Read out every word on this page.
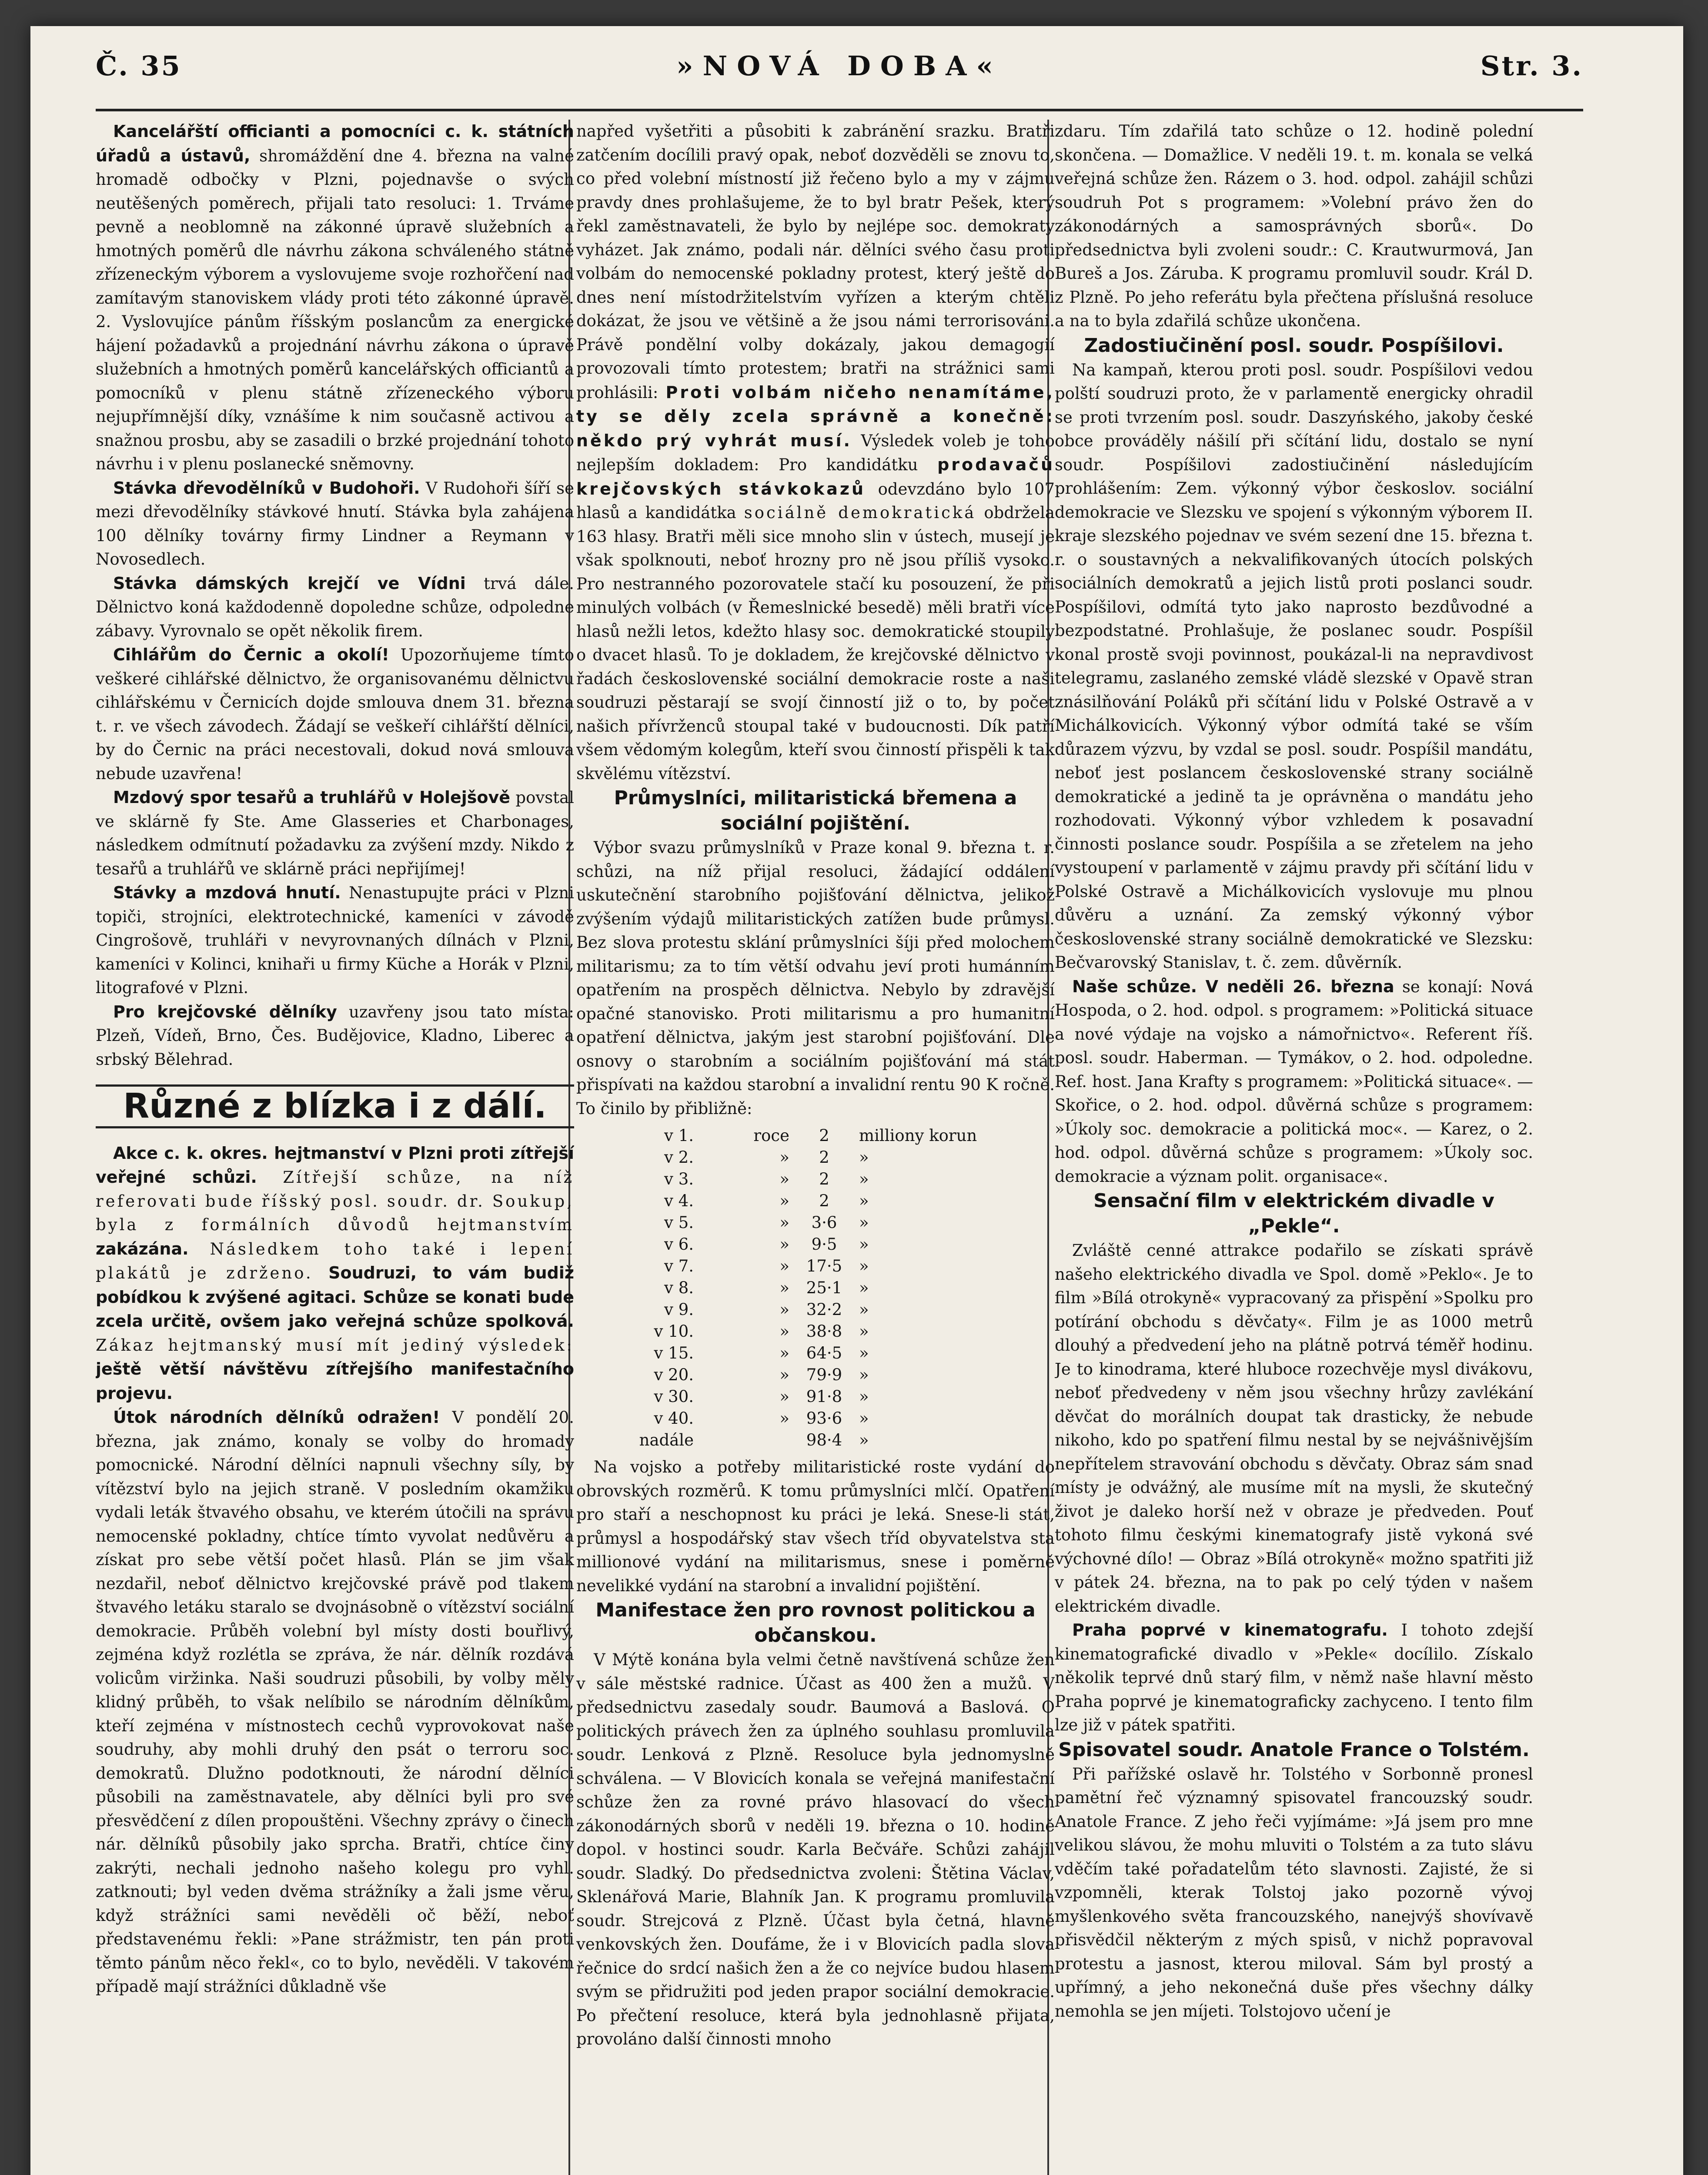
Č. 35	»NOVÁ DOBA«	Str. 3.

Kancelářští officianti a pomocníci c. k. státních úřadů a ústavů, shromáždění dne 4. března na valné hromadě odbočky v Plzni, pojednavše o svých neutěšených poměrech, přijali tato resoluci: 1. Trváme pevně a neoblomně na zákonné úpravě služebních a hmotných poměrů dle návrhu zákona schváleného státně zřízeneckým výborem a vyslovujeme svoje rozhořčení nad zamítavým stanoviskem vlády proti této zákonné úpravě. 2. Vyslovujíce pánům říšským poslancům za energické hájení požadavků a projednání návrhu zákona o úpravě služebních a hmotných poměrů kancelářských officiantů a pomocníků v plenu státně zřízeneckého výboru nejupřímnější díky, vznášíme k nim současně activou a snažnou prosbu, aby se zasadili o brzké projednání tohoto návrhu i v plenu poslanecké sněmovny.

Stávka dřevodělníků v Budohoři. V Rudohoři šíří se mezi dřevodělníky stávkové hnutí. Stávka byla zahájena 100 dělníky továrny firmy Lindner a Reymann v Novosedlech.

Stávka dámských krejčí ve Vídni trvá dále. Dělnictvo koná každodenně dopoledne schůze, odpoledne zábavy. Vyrovnalo se opět několik firem.

Cihlářům do Černic a okolí! Upozorňujeme tímto veškeré cihlářské dělnictvo, že organisovanému dělnictvu cihlářskému v Černicích dojde smlouva dnem 31. března t. r. ve všech závodech. Žádají se veškeří cihlářští dělníci, by do Černic na práci necestovali, dokud nová smlouva nebude uzavřena!

Mzdový spor tesařů a truhlářů v Holejšově povstal ve sklárně fy Ste. Ame Glasseries et Charbonages, následkem odmítnutí požadavku za zvýšení mzdy. Nikdo z tesařů a truhlářů ve sklárně práci nepřijímej!

Stávky a mzdová hnutí. Nenastupujte práci v Plzni topiči, strojníci, elektrotechnické, kameníci v závodě Cingrošově, truhláři v nevyrovnaných dílnách v Plzni, kameníci v Kolinci, knihaři u firmy Küche a Horák v Plzni, litografové v Plzni.

Pro krejčovské dělníky uzavřeny jsou tato místa: Plzeň, Vídeň, Brno, Čes. Budějovice, Kladno, Liberec a srbský Bělehrad.

Různé z blízka i z dálí.

Akce c. k. okres. hejtmanství v Plzni proti zítřejší veřejné schůzi. Zítřejší schůze, na níž referovati bude říšský posl. soudr. dr. Soukup, byla z formálních důvodů hejtmanstvím zakázána. Následkem toho také i lepení plakátů je zdrženo. Soudruzi, to vám budiž pobídkou k zvýšené agitaci. Schůze se konati bude zcela určitě, ovšem jako veřejná schůze spolková. Zákaz hejtmanský musí mít jediný výsledek: ještě větší návštěvu zítřejšího manifestačního projevu.

Útok národních dělníků odražen! V pondělí 20. března, jak známo, konaly se volby do hromady pomocnické. Národní dělníci napnuli všechny síly, by vítězství bylo na jejich straně. V posledním okamžiku vydali leták štvavého obsahu, ve kterém útočili na správu nemocenské pokladny, chtíce tímto vyvolat nedůvěru a získat pro sebe větší počet hlasů. Plán se jim však nezdařil, neboť dělnictvo krejčovské právě pod tlakem štvavého letáku staralo se dvojnásobně o vítězství sociální demokracie. Průběh volební byl místy dosti bouřlivý, zejména když rozlétla se zpráva, že nár. dělník rozdává volicům viržinka. Naši soudruzi působili, by volby měly klidný průběh, to však nelíbilo se národním dělníkům, kteří zejména v místnostech cechů vyprovokovat naše soudruhy, aby mohli druhý den psát o terroru soc. demokratů. Dlužno podotknouti, že národní dělníci působili na zaměstnavatele, aby dělníci byli pro své přesvědčení z dílen propouštěni. Všechny zprávy o činech nár. dělníků působily jako sprcha. Bratři, chtíce činy zakrýti, nechali jednoho našeho kolegu pro vyhl. zatknouti; byl veden dvěma strážníky a žali jsme věru, když strážníci sami nevěděli oč běží, neboť představenému řekli: »Pane strážmistr, ten pán proti těmto pánům něco řekl«, co to bylo, nevěděli. V takovém případě mají strážníci důkladně vše

napřed vyšetřiti a působiti k zabránění srazku. Bratři zatčením docílili pravý opak, neboť dozvěděli se znovu to, co před volební místností již řečeno bylo a my v zájmu pravdy dnes prohlašujeme, že to byl bratr Pešek, který řekl zaměstnavateli, že bylo by nejlépe soc. demokraty vyházet. Jak známo, podali nár. dělníci svého času proti volbám do nemocenské pokladny protest, který ještě do dnes není místodržitelstvím vyřízen a kterým chtěli dokázat, že jsou ve většině a že jsou námi terrorisováni. Právě pondělní volby dokázaly, jakou demagogií provozovali tímto protestem; bratři na strážnici sami prohlásili: Proti volbám ničeho nenamítáme, ty se děly zcela správně a konečně: někdo prý vyhrát musí. Výsledek voleb je toho nejlepším dokladem: Pro kandidátku prodavačů krejčovských stávkokazů odevzdáno bylo 107 hlasů a kandidátka sociálně demokratická obdržela 163 hlasy. Bratři měli sice mnoho slin v ústech, musejí je však spolknouti, neboť hrozny pro ně jsou příliš vysoko. Pro nestranného pozorovatele stačí ku posouzení, že při minulých volbách (v Řemeslnické besedě) měli bratři více hlasů nežli letos, kdežto hlasy soc. demokratické stoupily o dvacet hlasů. To je dokladem, že krejčovské dělnictvo v řadách československé sociální demokracie roste a naši soudruzi pěstarají se svojí činností již o to, by počet našich přívrženců stoupal také v budoucnosti. Dík patří všem vědomým kolegům, kteří svou činností přispěli k tak skvělému vítězství.

Průmyslníci, militaristická břemena a sociální pojištění.

Výbor svazu průmyslníků v Praze konal 9. března t. r. schůzi, na níž přijal resoluci, žádající oddálení uskutečnění starobního pojišťování dělnictva, jelikož zvýšením výdajů militaristických zatížen bude průmysl. Bez slova protestu sklání průmyslníci šíji před molochem militarismu; za to tím větší odvahu jeví proti humánním opatřením na prospěch dělnictva. Nebylo by zdravější opačné stanovisko. Proti militarismu a pro humanitní opatření dělnictva, jakým jest starobní pojišťování. Dle osnovy o starobním a sociálním pojišťování má stát přispívati na každou starobní a invalidní rentu 90 K ročně. To činilo by přibližně:

v 1.	roce	2	milliony korun
v 2.	»	2	»
v 3.	»	2	»
v 4.	»	2	»
v 5.	»	3·6	»
v 6.	»	9·5	»
v 7.	»	17·5	»
v 8.	»	25·1	»
v 9.	»	32·2	»
v 10.	»	38·8	»
v 15.	»	64·5	»
v 20.	»	79·9	»
v 30.	»	91·8	»
v 40.	»	93·6	»
nadále		98·4	»

Na vojsko a potřeby militaristické roste vydání do obrovských rozměrů. K tomu průmyslníci mlčí. Opatření pro staří a neschopnost ku práci je leká. Snese-li stát, průmysl a hospodářský stav všech tříd obyvatelstva sta millionové vydání na militarismus, snese i poměrně nevelikké vydání na starobní a invalidní pojištění.

Manifestace žen pro rovnost politickou a občanskou.

V Mýtě konána byla velmi četně navštívená schůze žen v sále městské radnice. Účast as 400 žen a mužů. V předsednictvu zasedaly soudr. Baumová a Baslová. O politických právech žen za úplného souhlasu promluvila soudr. Lenková z Plzně. Resoluce byla jednomyslně schválena. — V Blovicích konala se veřejná manifestační schůze žen za rovné právo hlasovací do všech zákonodárných sborů v neděli 19. března o 10. hodině dopol. v hostinci soudr. Karla Bečváře. Schůzi zahájil soudr. Sladký. Do předsednictva zvoleni: Štětina Václav, Sklenářová Marie, Blahník Jan. K programu promluvila soudr. Strejcová z Plzně. Účast byla četná, hlavně venkovských žen. Doufáme, že i v Blovicích padla slova řečnice do srdcí našich žen a že co nejvíce budou hlasem svým se přidružiti pod jeden prapor sociální demokracie. Po přečtení resoluce, která byla jednohlasně přijata, provoláno další činnosti mnoho

zdaru. Tím zdařilá tato schůze o 12. hodině polední skončena. — Domažlice. V neděli 19. t. m. konala se velká veřejná schůze žen. Rázem o 3. hod. odpol. zahájil schůzi soudruh Pot s programem: »Volební právo žen do zákonodárných a samosprávných sborů«. Do předsednictva byli zvoleni soudr.: C. Krautwurmová, Jan Bureš a Jos. Záruba. K programu promluvil soudr. Král D. z Plzně. Po jeho referátu byla přečtena příslušná resoluce a na to byla zdařilá schůze ukončena.

Zadostiučinění posl. soudr. Pospíšilovi.

Na kampaň, kterou proti posl. soudr. Pospíšilovi vedou polští soudruzi proto, že v parlamentě energicky ohradil se proti tvrzením posl. soudr. Daszyńského, jakoby české obce prováděly nášilí při sčítání lidu, dostalo se nyní soudr. Pospíšilovi zadostiučinění následujícím prohlášením: Zem. výkonný výbor českoslov. sociální demokracie ve Slezsku ve spojení s výkonným výborem II. kraje slezského pojednav ve svém sezení dne 15. března t. r. o soustavných a nekvalifikovaných útocích polských sociálních demokratů a jejich listů proti poslanci soudr. Pospíšilovi, odmítá tyto jako naprosto bezdůvodné a bezpodstatné. Prohlašuje, že poslanec soudr. Pospíšil konal prostě svoji povinnost, poukázal-li na nepravdivost telegramu, zaslaného zemské vládě slezské v Opavě stran znásilňování Poláků při sčítání lidu v Polské Ostravě a v Michálkovicích. Výkonný výbor odmítá také se vším důrazem výzvu, by vzdal se posl. soudr. Pospíšil mandátu, neboť jest poslancem československé strany sociálně demokratické a jedině ta je oprávněna o mandátu jeho rozhodovati. Výkonný výbor vzhledem k posavadní činnosti poslance soudr. Pospíšila a se zřetelem na jeho vystoupení v parlamentě v zájmu pravdy při sčítání lidu v Polské Ostravě a Michálkovicích vyslovuje mu plnou důvěru a uznání. Za zemský výkonný výbor československé strany sociálně demokratické ve Slezsku: Bečvarovský Stanislav, t. č. zem. důvěrník.

Naše schůze. V neděli 26. března se konají: Nová Hospoda, o 2. hod. odpol. s programem: »Politická situace a nové výdaje na vojsko a námořnictvo«. Referent říš. posl. soudr. Haberman. — Tymákov, o 2. hod. odpoledne. Ref. host. Jana Krafty s programem: »Politická situace«. — Skořice, o 2. hod. odpol. důvěrná schůze s programem: »Úkoly soc. demokracie a politická moc«. — Karez, o 2. hod. odpol. důvěrná schůze s programem: »Úkoly soc. demokracie a význam polit. organisace«.

Sensační film v elektrickém divadle v „Pekle“.

Zvláště cenné attrakce podařilo se získati správě našeho elektrického divadla ve Spol. domě »Peklo«. Je to film »Bílá otrokyně« vypracovaný za přispění »Spolku pro potírání obchodu s děvčaty«. Film je as 1000 metrů dlouhý a předvedení jeho na plátně potrvá téměř hodinu. Je to kinodrama, které hluboce rozechvěje mysl divákovu, neboť předvedeny v něm jsou všechny hrůzy zavlékání děvčat do morálních doupat tak drasticky, že nebude nikoho, kdo po spatření filmu nestal by se nejvášnivějším nepřítelem stravování obchodu s děvčaty. Obraz sám snad místy je odvážný, ale musíme mít na mysli, že skutečný život je daleko horší než v obraze je předveden. Pouť tohoto filmu českými kinematografy jistě vykoná své výchovné dílo! — Obraz »Bílá otrokyně« možno spatřiti již v pátek 24. března, na to pak po celý týden v našem elektrickém divadle.

Praha poprvé v kinematografu. I tohoto zdejší kinematografické divadlo v »Pekle« docílilo. Získalo několik teprvé dnů starý film, v němž naše hlavní město Praha poprvé je kinematograficky zachyceno. I tento film lze již v pátek spatřiti.

Spisovatel soudr. Anatole France o Tolstém.

Při pařížské oslavě hr. Tolstého v Sorbonně pronesl pamětní řeč významný spisovatel francouzský soudr. Anatole France. Z jeho řeči vyjímáme: »Já jsem pro mne velikou slávou, že mohu mluviti o Tolstém a za tuto slávu vděčím také pořadatelům této slavnosti. Zajisté, že si vzpomněli, kterak Tolstoj jako pozorně vývoj myšlenkového světa francouzského, nanejvýš shovívavě přisvědčil některým z mých spisů, v nichž popravoval protestu a jasnost, kterou miloval. Sám byl prostý a upřímný, a jeho nekonečná duše přes všechny dálky nemohla se jen míjeti. Tolstojovo učení je
